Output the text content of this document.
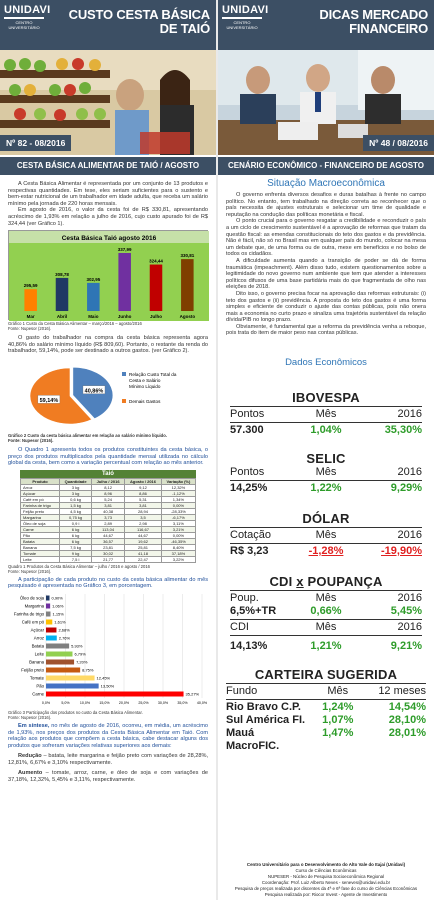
UNIDAVI
CENTRO UNIVERSITÁRIO
CUSTO CESTA BÁSICA
DE TAIÓ
Nº 82 - 08/2016
CESTA BÁSICA ALIMENTAR DE TAIÓ / AGOSTO

A Cesta Básica Alimentar é representada por um conjunto de 13 produtos e respectivas quantidades. Em tese, eles seriam suficientes para o sustento e bem-estar nutricional de um trabalhador em idade adulta, que receba um salário mínimo pela jornada de 220 horas mensais.

Em agosto de 2016, o valor da cesta foi de R$ 330,81, apresentando acréscimo de 1,93% em relação a julho de 2016, cujo custo apurado foi de R$ 324,44 (ver Gráfico 1).

Cesta Básica Taió agosto 2016
295,59
Mar
308,78
Abril
302,95
Maio
337,99
Junho
324,44
Julho
330,81
Agosto
Gráfico 1 Custo da Cesta Básica Alimentar – março/2016 – agosto/2016
Fonte: Nupesor (2016).

O gasto do trabalhador na compra da cesta básica representa agora 40,86% do salário mínimo líquido (R$ 809,60). Portanto, o restante da renda do trabalhador, 59,14%, pode ser destinado a outros gastos. (ver Gráfico 2).

40,86%
59,14%
Relação Custo Total da
Cesta e Salário
Mínimo Líquido
Demais Gastos
Gráfico 2 Custo da cesta básica alimentar em relação ao salário mínimo líquido.
Fonte: Nupesor (2016).

O Quadro 1 apresenta todos os produtos constituintes da cesta básica, o preço dos produtos multiplicados pela quantidade mensal utilizada no cálculo global da cesta, bem como a variação percentual com relação ao mês anterior.

Taió
Produto	Quantidade	Julho / 2016	Agosto / 2016	Variação (%)
Arroz	3 kg	8,12	9,12	12,32%
Açúcar	3 kg	8,96	8,86	-1,12%
Café em pó	0,6 kg	5,24	5,31	1,34%
Farinha de trigo	1,5 kg	3,81	3,81	0,00%
Feijão preto	4,5 kg	40,38	28,94	-28,33%
Margarina	0,75 kg	3,73	3,5	-6,17%
Óleo de soja	0,9 l	2,89	2,98	3,11%
Carne	6 kg	113,04	116,67	3,21%
Pão	6 kg	44,67	44,67	0,00%
Batata	6 kg	36,57	19,62	-46,35%
Banana	7,5 kg	23,81	25,81	8,40%
Tomate	9 kg	30,02	41,18	37,18%
Leite	7,5 l	21,77	22,47	3,22%
Quadro 1 Produtos da Cesta Básica Alimentar – julho / 2016 e agosto / 2016
Fonte: Nupesor (2016).

A participação de cada produto no custo da cesta básica alimentar do mês pesquisado é apresentada no Gráfico 3, em porcentagem.

0,0%	5,0%	10,0%	15,0%	20,0%	25,0%	30,0%	35,0%	40,0%
Óleo de soja 0,90%
Margarina 1,06%
Farinha de trigo 1,15%
Café em pó	1,61%
Açúcar	2,68%
Arroz	2,76%
Batata	5,93%
Leite	6,79%
Banana	7,20%
Feijão preto	8,75%
Tomate	12,45%
Pão	13,50%
Carne	35,27%
Gráfico 3 Participação dos produtos no custo da Cesta Básica Alimentar.
Fonte: Nupesor (2016).

Em síntese, no mês de agosto de 2016, ocorreu, em média, um acréscimo de 1,93%, nos preços dos produtos da Cesta Básica Alimentar em Taió. Com relação aos produtos que compõem a cesta básica, cabe destacar alguns dos produtos que sofreram variações relativas superiores aos demais:

Redução – batata, leite margarina e feijão preto com variações de 28,28%, 12,81%, 6,67% e 3,10% respectivamente.

Aumento – tomate, arroz, carne, e óleo de soja e com variações de 37,18%, 12,32%, 5,45% e 3,11%, respectivamente.

UNIDAVI
CENTRO UNIVERSITÁRIO
DICAS MERCADO
FINANCEIRO
Nº 48 / 08/2016
CENÁRIO ECONÔMICO - FINANCEIRO DE AGOSTO
Situação Macroeconômica

O governo enfrenta diversos desafios e duras batalhas à frente no campo político. No entanto, tem trabalhado na direção correta ao reconhecer que o país necessita de ajustes estruturais e selecionar um time de qualidade e reputação na condução das políticas monetária e fiscal.

O ponto crucial para o governo resgatar a credibilidade e reconduzir o país a um ciclo de crescimento sustentável é a aprovação de reformas que tratam da questão fiscal: as emendas constitucionais do teto dos gastos e da previdência. Não é fácil, não só no Brasil mas em qualquer país do mundo, colocar na mesa um debate que, de uma forma ou de outra, mexe em benefícios e no bolso de todos os cidadãos.

A dificuldade aumenta quando a transição de poder se dá de forma traumática (impeachment). Além disso tudo, existem questionamentos sobre a legitimidade do novo governo num ambiente que tem que atender a interesses políticos difusos de uma base partidária mais do que fragmentada de olho nas eleições de 2018.

Dito isso, o governo precisa focar na aprovação das reformas estruturais: (i) teto dos gastos e (ii) previdência. A proposta do teto dos gastos é uma forma simples e eficiente de conduzir o ajuste das contas públicas, pois não onera mais a economia no curto prazo e sinaliza uma trajetória sustentável da relação dívida/PIB no longo prazo.

Obviamente, é fundamental que a reforma da previdência venha a reboque, pois trata do item de maior peso nas contas públicas.

Dados Econômicos
IBOVESPA
Pontos	Mês	2016
57.300	1,04%	35,30%
SELIC
Pontos	Mês	2016
14,25%	1,22%	9,29%
DÓLAR
Cotação	Mês	2016
R$ 3,23	-1,28%	-19,90%
CDI x POUPANÇA
Poup.	Mês	2016
6,5%+TR	0,66%	5,45%
CDI	Mês	2016
14,13%	1,21%	9,21%
CARTEIRA SUGERIDA
Fundo	Mês	12 meses
Rio Bravo C.P.	1,24%	14,54%
Sul América FI.	1,07%	28,10%
Mauá MacroFIC.
1,47%	28,01%
Centro Universitário para o Desenvolvimento do Alto Vale do Itajaí (Unidavi)
Curso de Ciências Econômicas
NUPESER - Núcleo de Pesquisa Socioeconômica Regional
Coordenação: Prof. Luiz Alberto Neves - seneves@unidavi.edu.br
Pesquisa de preços realizada por discentes da 4ª e 6ª fase do curso de Ciências Econômicas
Pesquisa realizada por: Riocor Invest - Agente de Investimento
